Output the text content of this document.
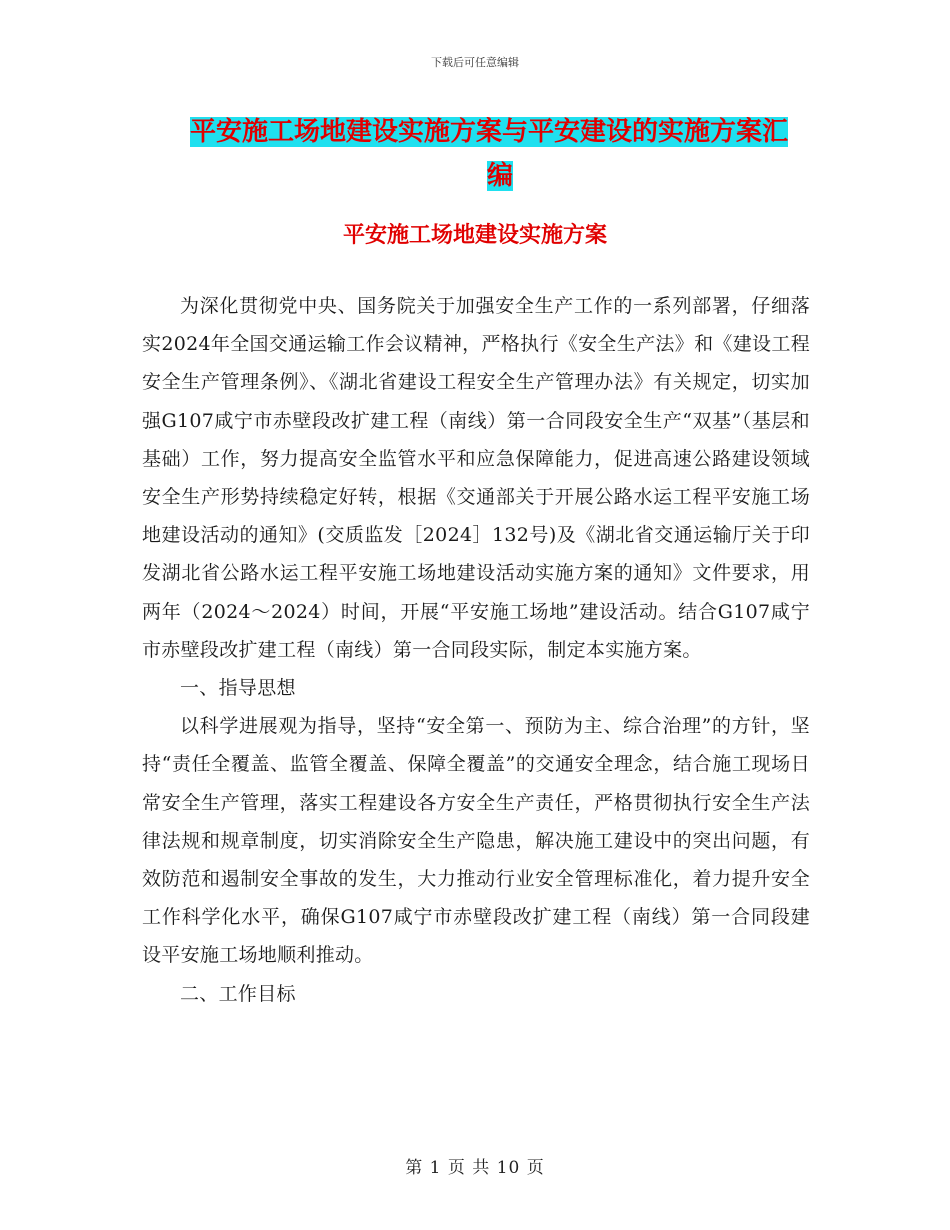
下载后可任意编辑
平安施工场地建设实施方案与平安建设的实施方案汇
编
平安施工场地建设实施方案

为深化贯彻党中央、国务院关于加强安全生产工作的一系列部署，仔细落实2024年全国交通运输工作会议精神，严格执行《安全生产法》和《建设工程安全生产管理条例》、《湖北省建设工程安全生产管理办法》有关规定，切实加强G107咸宁市赤壁段改扩建工程（南线）第一合同段安全生产“双基”（基层和基础）工作，努力提高安全监管水平和应急保障能力，促进高速公路建设领域安全生产形势持续稳定好转，根据《交通部关于开展公路水运工程平安施工场地建设活动的通知》(交质监发［2024］132号)及《湖北省交通运输厅关于印发湖北省公路水运工程平安施工场地建设活动实施方案的通知》文件要求，用两年（2024～2024）时间，开展“平安施工场地”建设活动。结合G107咸宁市赤壁段改扩建工程（南线）第一合同段实际，制定本实施方案。

一、指导思想

以科学进展观为指导，坚持“安全第一、预防为主、综合治理”的方针，坚持“责任全覆盖、监管全覆盖、保障全覆盖”的交通安全理念，结合施工现场日常安全生产管理，落实工程建设各方安全生产责任，严格贯彻执行安全生产法律法规和规章制度，切实消除安全生产隐患，解决施工建设中的突出问题，有效防范和遏制安全事故的发生，大力推动行业安全管理标准化，着力提升安全工作科学化水平，确保G107咸宁市赤壁段改扩建工程（南线）第一合同段建设平安施工场地顺利推动。

二、工作目标

第 1 页 共 10 页
